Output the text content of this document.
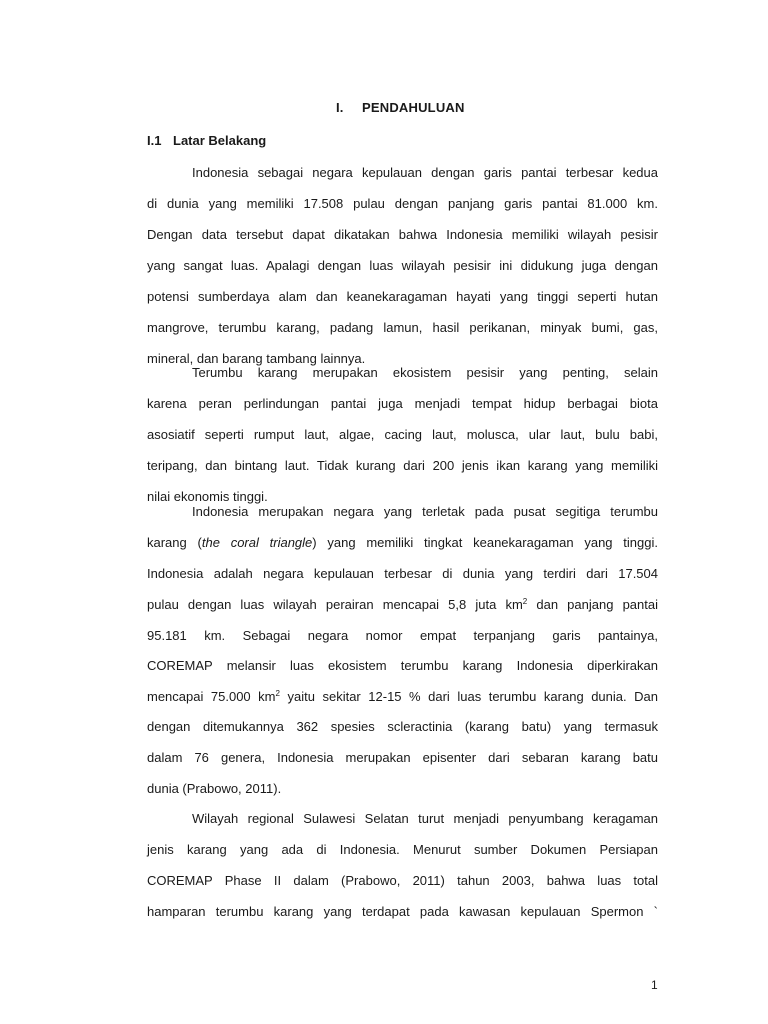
I. PENDAHULUAN
I.1 Latar Belakang
Indonesia sebagai negara kepulauan dengan garis pantai terbesar kedua
di dunia yang memiliki 17.508 pulau dengan panjang garis pantai 81.000 km.
Dengan data tersebut dapat dikatakan bahwa Indonesia memiliki wilayah pesisir
yang sangat luas. Apalagi dengan luas wilayah pesisir ini didukung juga dengan
potensi sumberdaya alam dan keanekaragaman hayati yang tinggi seperti hutan
mangrove, terumbu karang, padang lamun, hasil perikanan, minyak bumi, gas,
mineral, dan barang tambang lainnya.
Terumbu karang merupakan ekosistem pesisir yang penting, selain
karena peran perlindungan pantai juga menjadi tempat hidup berbagai biota
asosiatif seperti rumput laut, algae, cacing laut, molusca, ular laut, bulu babi,
teripang, dan bintang laut. Tidak kurang dari 200 jenis ikan karang yang memiliki
nilai ekonomis tinggi.
Indonesia merupakan negara yang terletak pada pusat segitiga terumbu
karang (the coral triangle) yang memiliki tingkat keanekaragaman yang tinggi.
Indonesia adalah negara kepulauan terbesar di dunia yang terdiri dari 17.504
pulau dengan luas wilayah perairan mencapai 5,8 juta $km^2$ dan panjang pantai
95.181 km. Sebagai negara nomor empat terpanjang garis pantainya,
COREMAP melansir luas ekosistem terumbu karang Indonesia diperkirakan
mencapai 75.000 $km^2$ yaitu sekitar 12-15 % dari luas terumbu karang dunia. Dan
dengan ditemukannya 362 spesies scleractinia (karang batu) yang termasuk
dalam 76 genera, Indonesia merupakan episenter dari sebaran karang batu
dunia (Prabowo, 2011).
Wilayah regional Sulawesi Selatan turut menjadi penyumbang keragaman
jenis karang yang ada di Indonesia. Menurut sumber Dokumen Persiapan
COREMAP Phase II dalam (Prabowo, 2011) tahun 2003, bahwa luas total
hamparan terumbu karang yang terdapat pada kawasan kepulauan Spermon `
1
